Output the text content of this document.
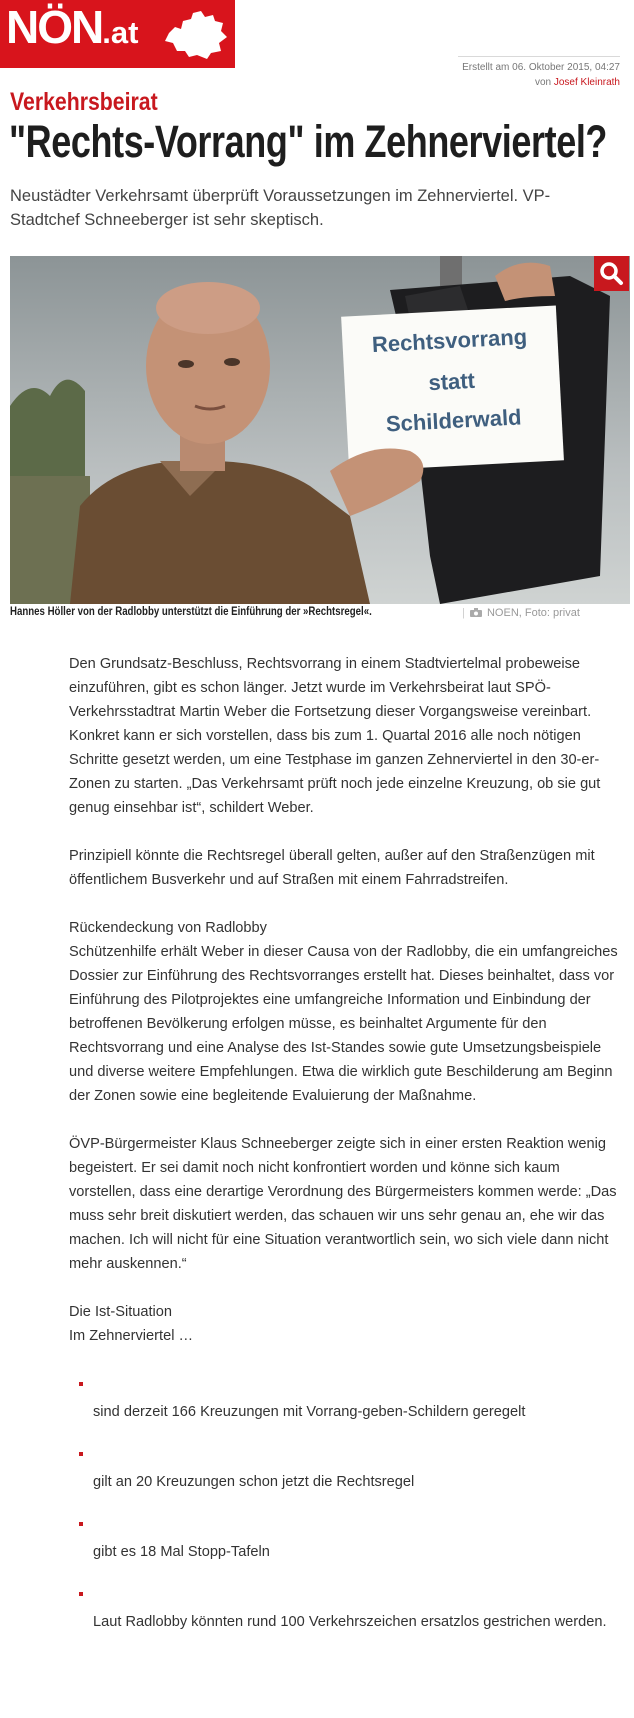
NÖN.at
Erstellt am 06. Oktober 2015, 04:27
von Josef Kleinrath
Verkehrsbeirat
"Rechts-Vorrang" im Zehnerviertel?
Neustädter Verkehrsamt überprüft Voraussetzungen im Zehnerviertel. VP-Stadtchef Schneeberger ist sehr skeptisch.
Rechtsvorrang
statt
Schilderwald
Hannes Höller von der Radlobby unterstützt die Einführung der »Rechtsregel«.	| NOEN, Foto: privat

Den Grundsatz-Beschluss, Rechtsvorrang in einem Stadtviertelmal probeweise einzuführen, gibt es schon länger. Jetzt wurde im Verkehrsbeirat laut SPÖ-Verkehrsstadtrat Martin Weber die Fortsetzung dieser Vorgangsweise vereinbart. Konkret kann er sich vorstellen, dass bis zum 1. Quartal 2016 alle noch nötigen Schritte gesetzt werden, um eine Testphase im ganzen Zehnerviertel in den 30-er-Zonen zu starten. „Das Verkehrsamt prüft noch jede einzelne Kreuzung, ob sie gut genug einsehbar ist“, schildert Weber.

Prinzipiell könnte die Rechtsregel überall gelten, außer auf den Straßenzügen mit öffentlichem Busverkehr und auf Straßen mit einem Fahrradstreifen.

Rückendeckung von Radlobby

Schützenhilfe erhält Weber in dieser Causa von der Radlobby, die ein umfangreiches Dossier zur Einführung des Rechtsvorranges erstellt hat. Dieses beinhaltet, dass vor Einführung des Pilotprojektes eine umfangreiche Information und Einbindung der betroffenen Bevölkerung erfolgen müsse, es beinhaltet Argumente für den Rechtsvorrang und eine Analyse des Ist-Standes sowie gute Umsetzungsbeispiele und diverse weitere Empfehlungen. Etwa die wirklich gute Beschilderung am Beginn der Zonen sowie eine begleitende Evaluierung der Maßnahme.

ÖVP-Bürgermeister Klaus Schneeberger zeigte sich in einer ersten Reaktion wenig begeistert. Er sei damit noch nicht konfrontiert worden und könne sich kaum vorstellen, dass eine derartige Verordnung des Bürgermeisters kommen werde: „Das muss sehr breit diskutiert werden, das schauen wir uns sehr genau an, ehe wir das machen. Ich will nicht für eine Situation verantwortlich sein, wo sich viele dann nicht mehr auskennen.“

Die Ist-Situation

Im Zehnerviertel …

sind derzeit 166 Kreuzungen mit Vorrang-geben-Schildern geregelt
gilt an 20 Kreuzungen schon jetzt die Rechtsregel
gibt es 18 Mal Stopp-Tafeln
Laut Radlobby könnten rund 100 Verkehrszeichen ersatzlos gestrichen werden.
